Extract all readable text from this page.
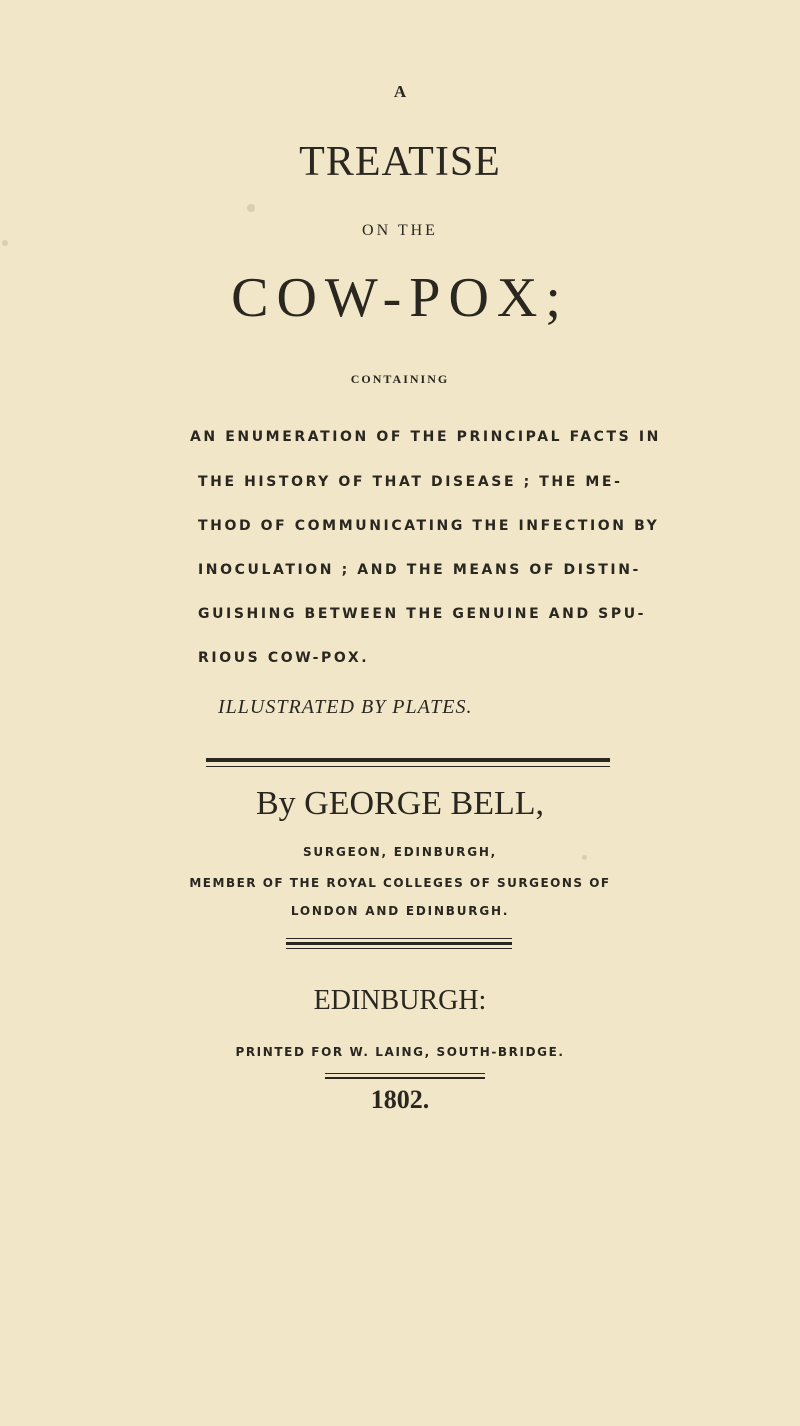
A
TREATISE
ON THE
COW-POX;
CONTAINING
AN ENUMERATION OF THE PRINCIPAL FACTS IN
THE HISTORY OF THAT DISEASE ; THE ME-
THOD OF COMMUNICATING THE INFECTION BY
INOCULATION ; AND THE MEANS OF DISTIN-
GUISHING BETWEEN THE GENUINE AND SPU-
RIOUS COW-POX.
ILLUSTRATED BY PLATES.
By GEORGE BELL,
SURGEON, EDINBURGH,
MEMBER OF THE ROYAL COLLEGES OF SURGEONS OF
LONDON AND EDINBURGH.
EDINBURGH:
PRINTED FOR W. LAING, SOUTH-BRIDGE.
1802.
